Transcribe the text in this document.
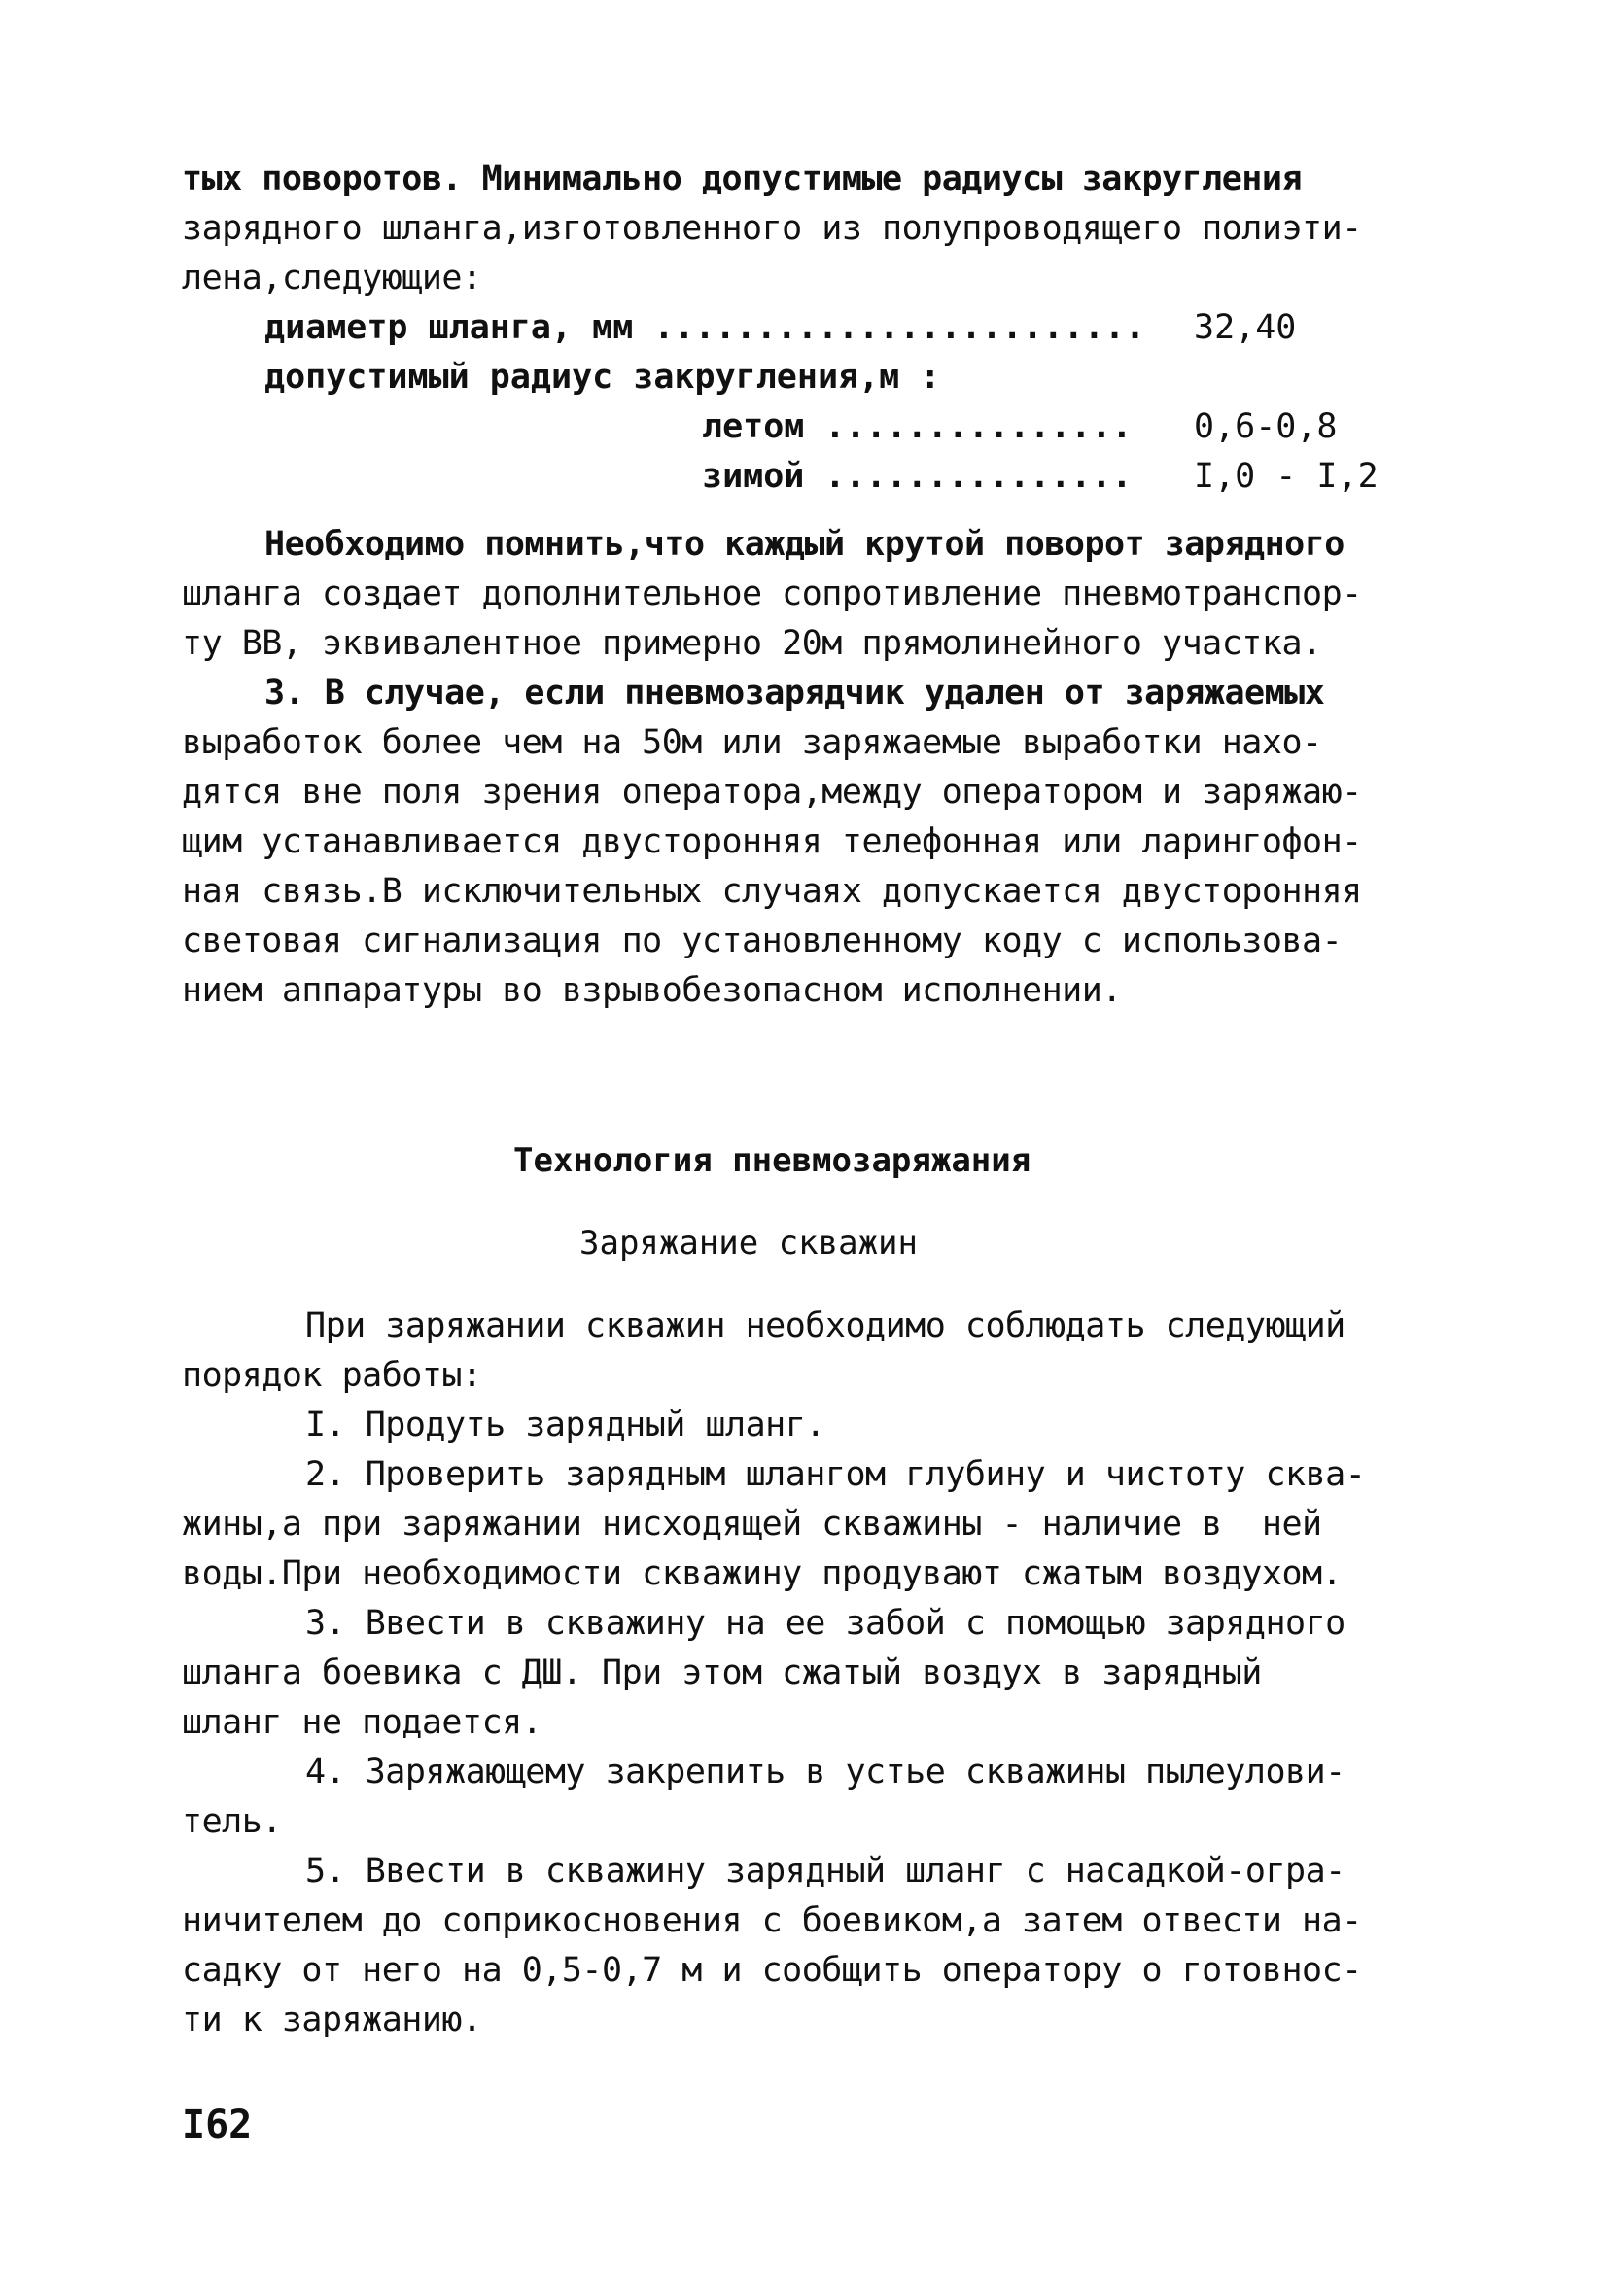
тых поворотов. Минимально допустимые радиусы закругления
зарядного шланга,изготовленного из полупроводящего полиэти-
лена,следующие:
диаметр шланга, мм ........................ 32,40
допустимый радиус закругления,м :
летом ............... 0,6-0,8
зимой ............... I,0 - I,2
Необходимо помнить,что каждый крутой поворот зарядного
шланга создает дополнительное сопротивление пневмотранспор-
ту ВВ, эквивалентное примерно 20м прямолинейного участка.
3. В случае, если пневмозарядчик удален от заряжаемых
выработок более чем на 50м или заряжаемые выработки нахо-
дятся вне поля зрения оператора,между оператором и заряжаю-
щим устанавливается двусторонняя телефонная или ларингофон-
ная связь.В исключительных случаях допускается двусторонняя
световая сигнализация по установленному коду с использова-
нием аппаратуры во взрывобезопасном исполнении.
Технология пневмозаряжания
Заряжание скважин
При заряжании скважин необходимо соблюдать следующий
порядок работы:
I. Продуть зарядный шланг.
2. Проверить зарядным шлангом глубину и чистоту сква-
жины,а при заряжании нисходящей скважины - наличие в  ней
воды.При необходимости скважину продувают сжатым воздухом.
3. Ввести в скважину на ее забой с помощью зарядного
шланга боевика с ДШ. При этом сжатый воздух в зарядный
шланг не подается.
4. Заряжающему закрепить в устье скважины пылеулови-
тель.
5. Ввести в скважину зарядный шланг с насадкой-огра-
ничителем до соприкосновения с боевиком,а затем отвести на-
садку от него на 0,5-0,7 м и сообщить оператору о готовнос-
ти к заряжанию.
I62
